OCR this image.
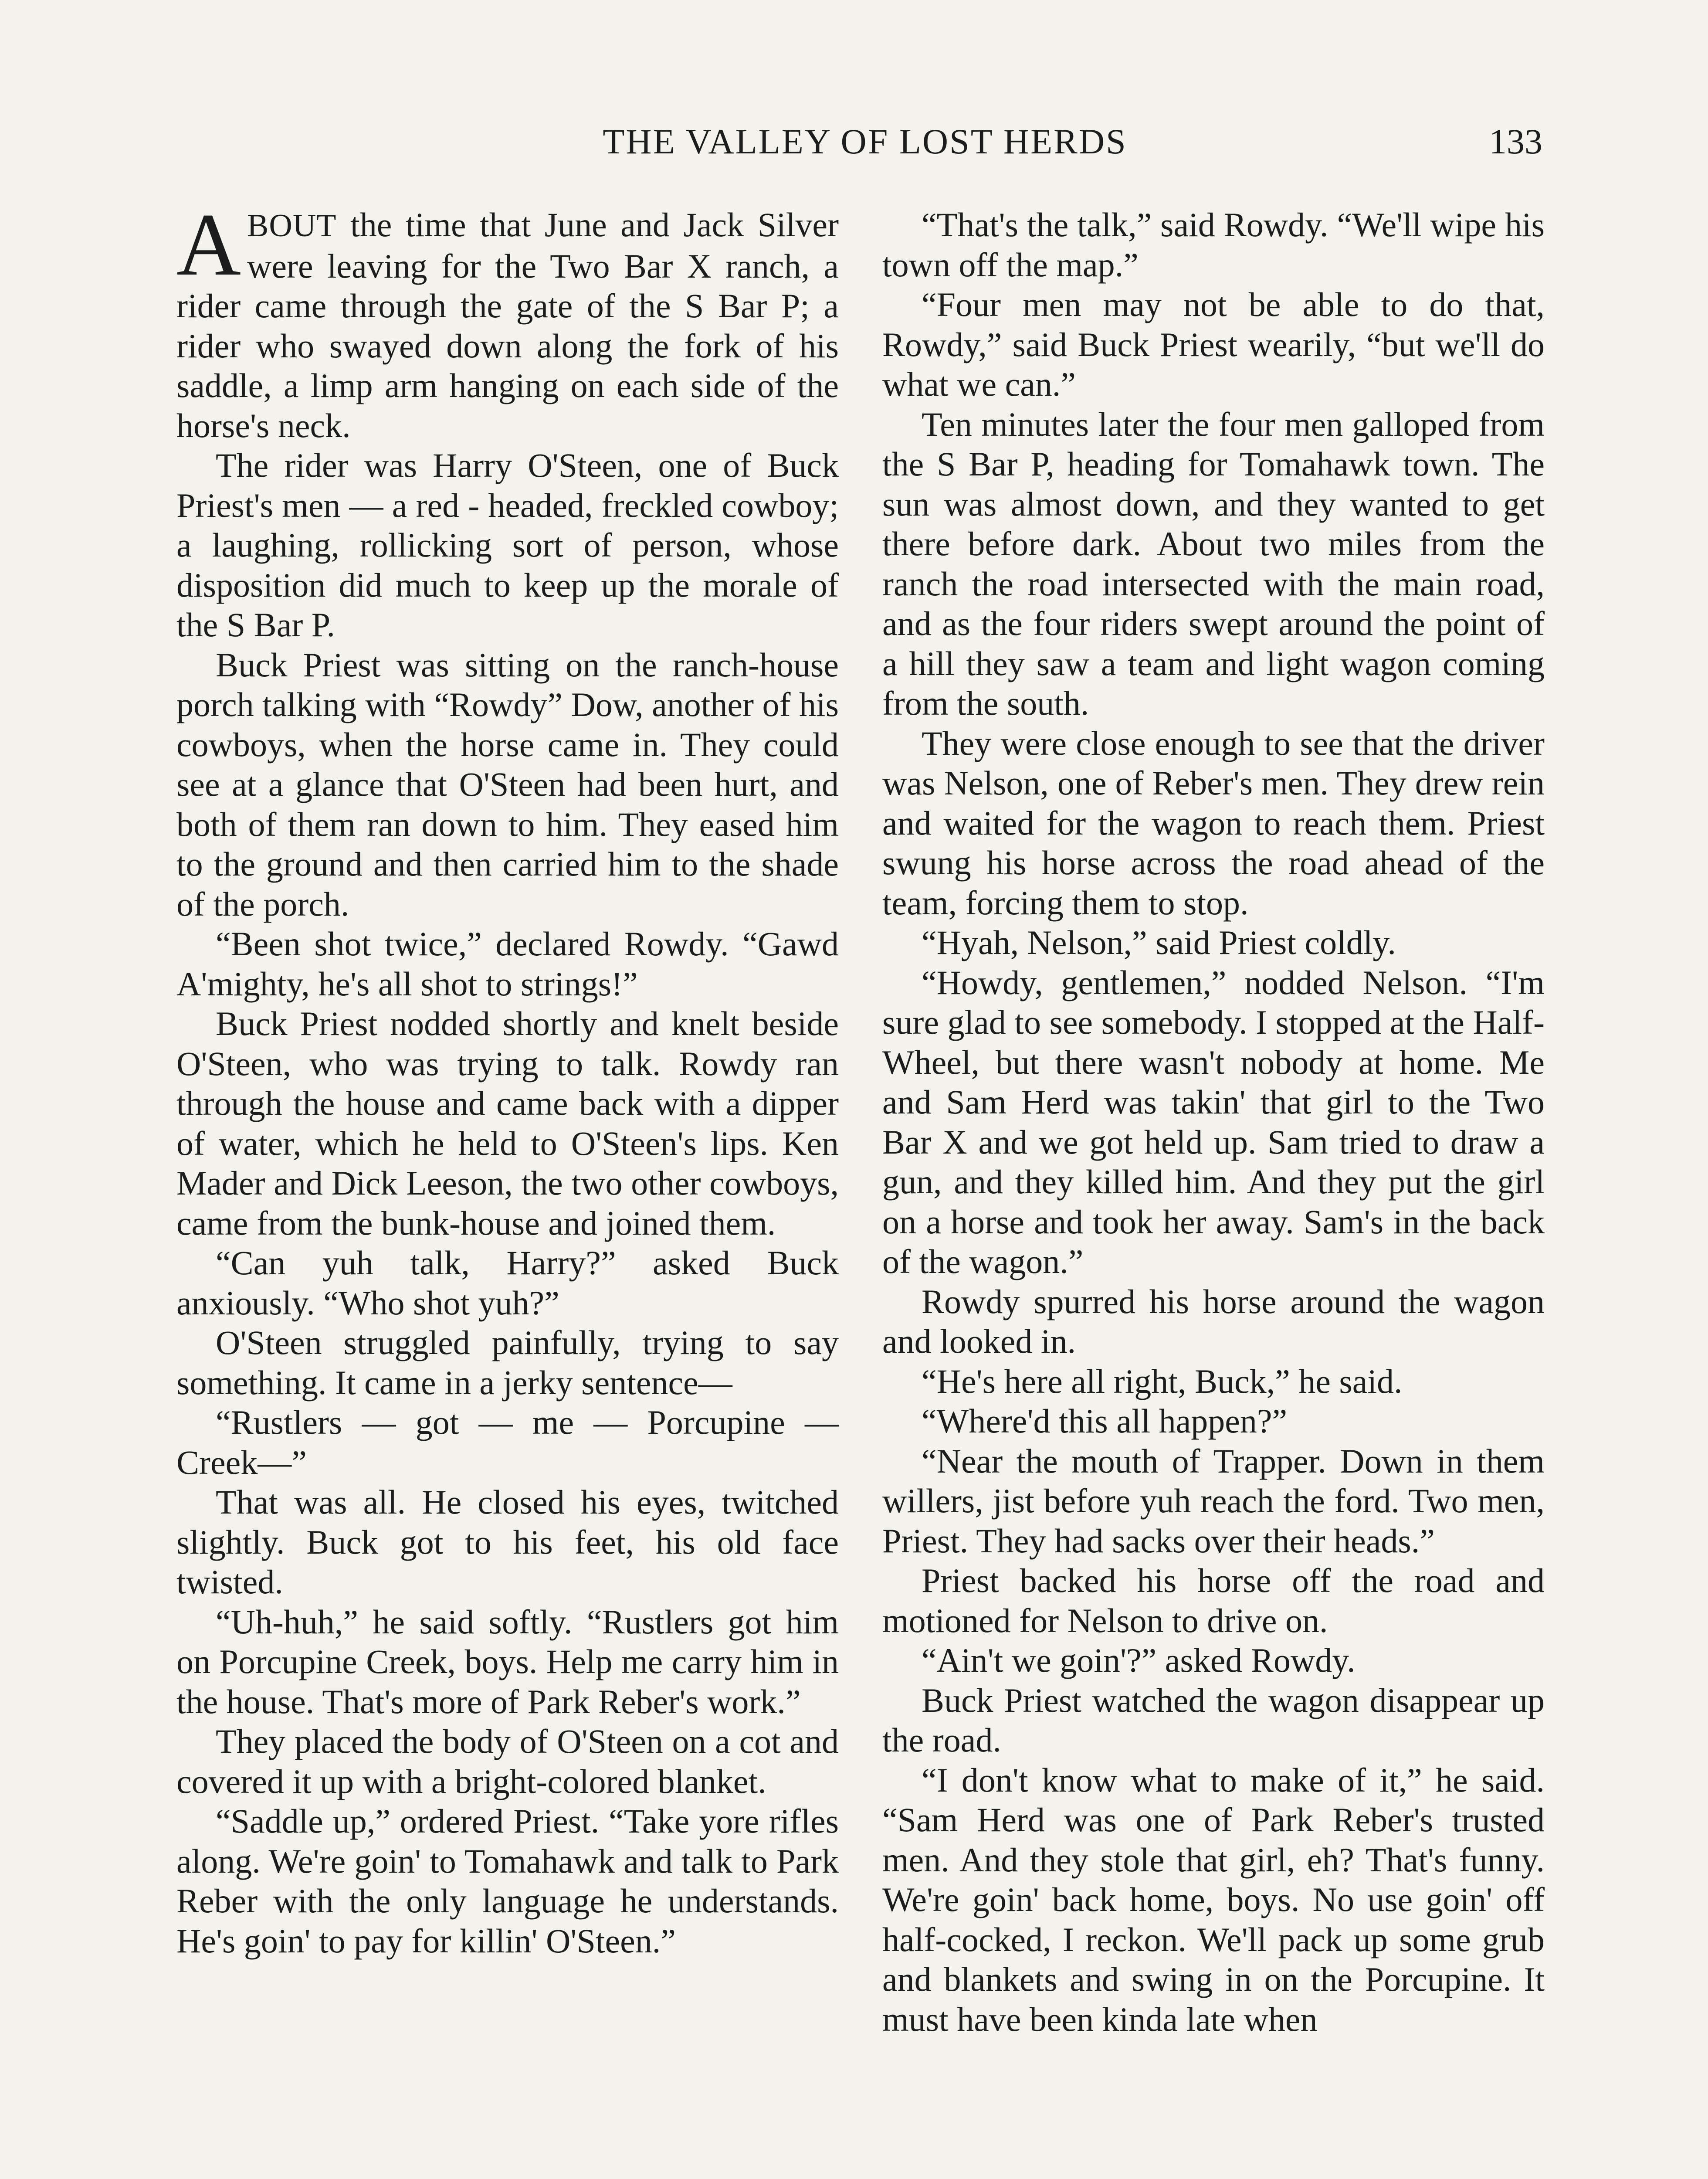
THE VALLEY OF LOST HERDS	133

ABOUT the time that June and Jack Silver were leaving for the Two Bar X ranch, a rider came through the gate of the S Bar P; a rider who swayed down along the fork of his saddle, a limp arm hanging on each side of the horse's neck.

The rider was Harry O'Steen, one of Buck Priest's men — a red - headed, freckled cowboy; a laughing, rollicking sort of person, whose disposition did much to keep up the morale of the S Bar P.

Buck Priest was sitting on the ranch-house porch talking with “Rowdy” Dow, another of his cowboys, when the horse came in. They could see at a glance that O'Steen had been hurt, and both of them ran down to him. They eased him to the ground and then carried him to the shade of the porch.

“Been shot twice,” declared Rowdy. “Gawd A'mighty, he's all shot to strings!”

Buck Priest nodded shortly and knelt beside O'Steen, who was trying to talk. Rowdy ran through the house and came back with a dipper of water, which he held to O'Steen's lips. Ken Mader and Dick Leeson, the two other cowboys, came from the bunk-house and joined them.

“Can yuh talk, Harry?” asked Buck anxiously. “Who shot yuh?”

O'Steen struggled painfully, trying to say something. It came in a jerky sentence—

“Rustlers — got — me — Porcupine — Creek—”

That was all. He closed his eyes, twitched slightly. Buck got to his feet, his old face twisted.

“Uh-huh,” he said softly. “Rustlers got him on Porcupine Creek, boys. Help me carry him in the house. That's more of Park Reber's work.”

They placed the body of O'Steen on a cot and covered it up with a bright-colored blanket.

“Saddle up,” ordered Priest. “Take yore rifles along. We're goin' to Tomahawk and talk to Park Reber with the only language he understands. He's goin' to pay for killin' O'Steen.”

“That's the talk,” said Rowdy. “We'll wipe his town off the map.”

“Four men may not be able to do that, Rowdy,” said Buck Priest wearily, “but we'll do what we can.”

Ten minutes later the four men galloped from the S Bar P, heading for Tomahawk town. The sun was almost down, and they wanted to get there before dark. About two miles from the ranch the road intersected with the main road, and as the four riders swept around the point of a hill they saw a team and light wagon coming from the south.

They were close enough to see that the driver was Nelson, one of Reber's men. They drew rein and waited for the wagon to reach them. Priest swung his horse across the road ahead of the team, forcing them to stop.

“Hyah, Nelson,” said Priest coldly.

“Howdy, gentlemen,” nodded Nelson. “I'm sure glad to see somebody. I stopped at the Half-Wheel, but there wasn't nobody at home. Me and Sam Herd was takin' that girl to the Two Bar X and we got held up. Sam tried to draw a gun, and they killed him. And they put the girl on a horse and took her away. Sam's in the back of the wagon.”

Rowdy spurred his horse around the wagon and looked in.

“He's here all right, Buck,” he said.

“Where'd this all happen?”

“Near the mouth of Trapper. Down in them willers, jist before yuh reach the ford. Two men, Priest. They had sacks over their heads.”

Priest backed his horse off the road and motioned for Nelson to drive on.

“Ain't we goin'?” asked Rowdy.

Buck Priest watched the wagon disappear up the road.

“I don't know what to make of it,” he said. “Sam Herd was one of Park Reber's trusted men. And they stole that girl, eh? That's funny. We're goin' back home, boys. No use goin' off half-cocked, I reckon. We'll pack up some grub and blankets and swing in on the Porcupine. It must have been kinda late when
